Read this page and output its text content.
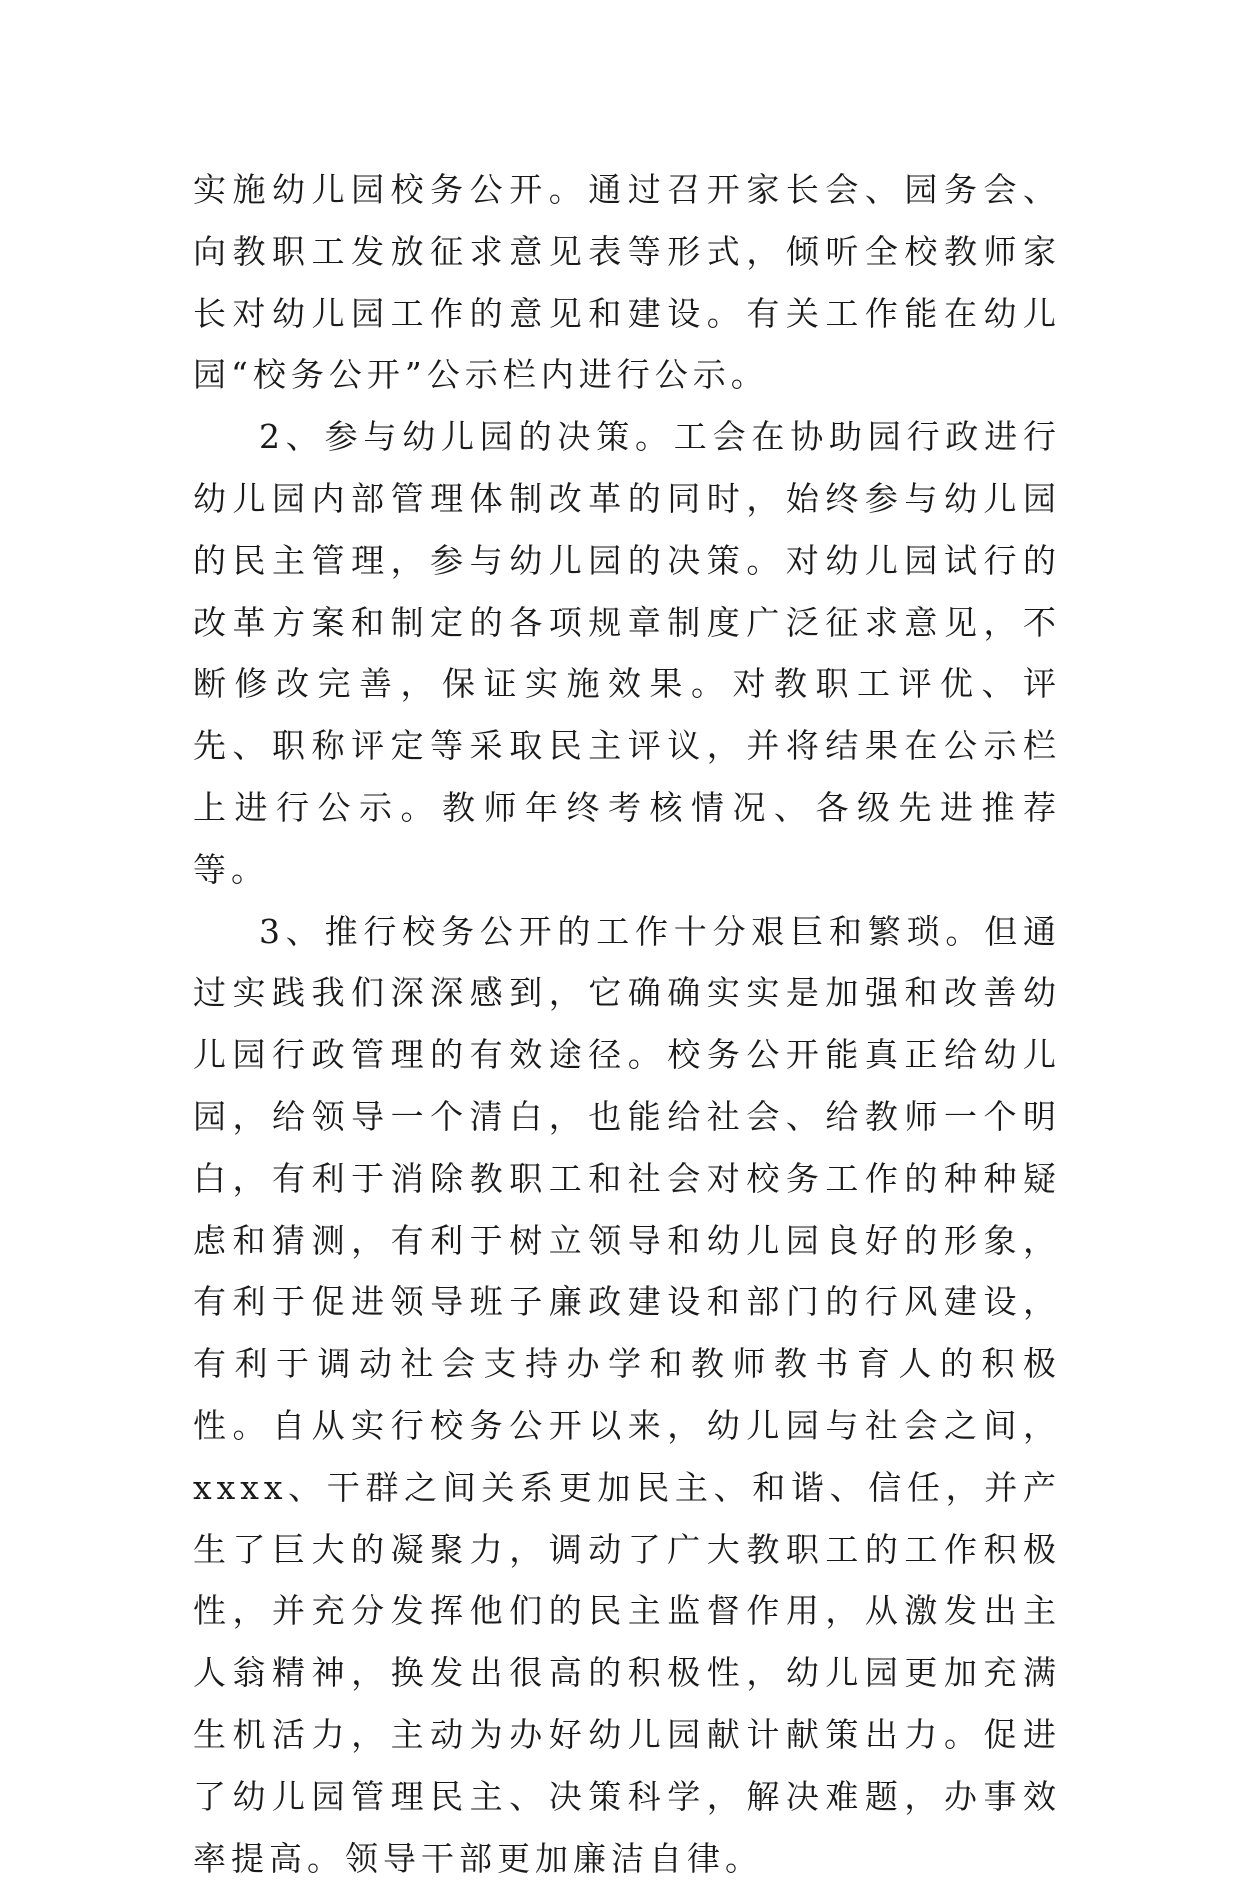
实施幼儿园校务公开。通过召开家长会、园务会、向教职工发放征求意见表等形式，倾听全校教师家长对幼儿园工作的意见和建设。有关工作能在幼儿园“校务公开”公示栏内进行公示。

2、参与幼儿园的决策。工会在协助园行政进行幼儿园内部管理体制改革的同时，始终参与幼儿园的民主管理，参与幼儿园的决策。对幼儿园试行的改革方案和制定的各项规章制度广泛征求意见，不断修改完善，保证实施效果。对教职工评优、评先、职称评定等采取民主评议，并将结果在公示栏上进行公示。教师年终考核情况、各级先进推荐等。

3、推行校务公开的工作十分艰巨和繁琐。但通过实践我们深深感到，它确确实实是加强和改善幼儿园行政管理的有效途径。校务公开能真正给幼儿园，给领导一个清白，也能给社会、给教师一个明白，有利于消除教职工和社会对校务工作的种种疑虑和猜测，有利于树立领导和幼儿园良好的形象，有利于促进领导班子廉政建设和部门的行风建设，有利于调动社会支持办学和教师教书育人的积极性。自从实行校务公开以来，幼儿园与社会之间，xxxx、干群之间关系更加民主、和谐、信任，并产生了巨大的凝聚力，调动了广大教职工的工作积极性，并充分发挥他们的民主监督作用，从激发出主人翁精神，换发出很高的积极性，幼儿园更加充满生机活力，主动为办好幼儿园献计献策出力。促进了幼儿园管理民主、决策科学，解决难题，办事效率提高。领导干部更加廉洁自律。
